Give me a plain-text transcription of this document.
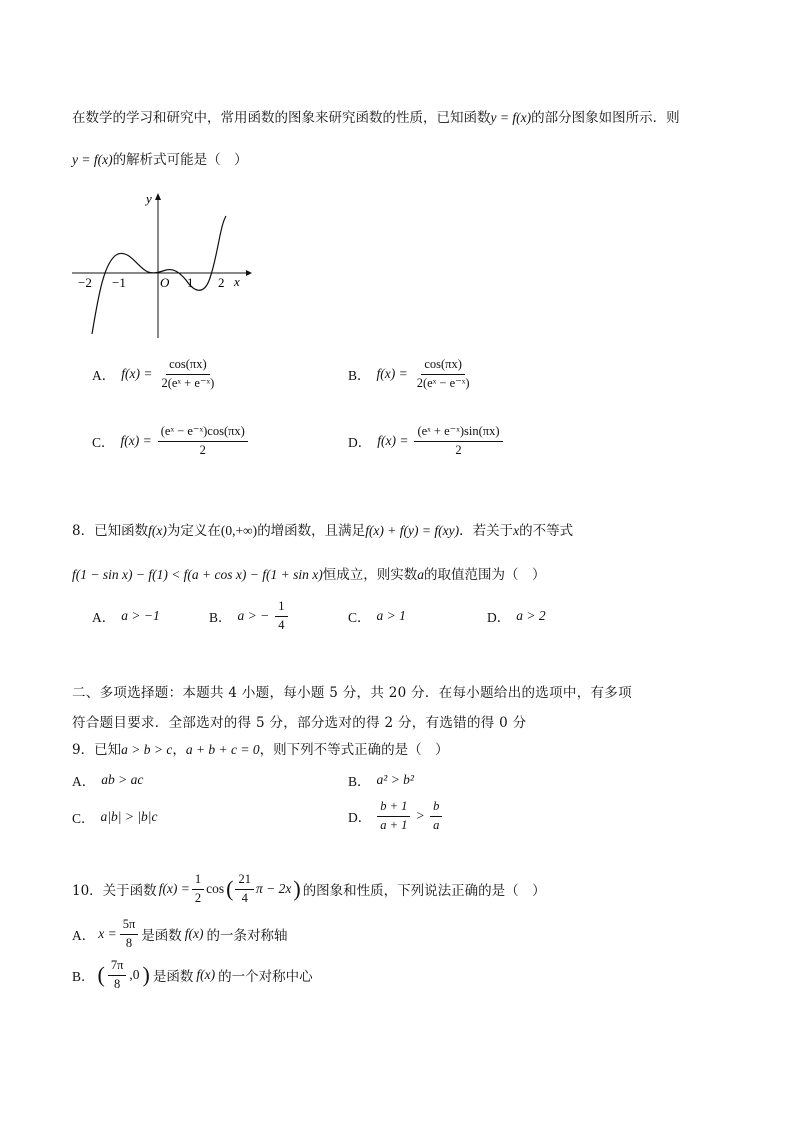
在数学的学习和研究中，常用函数的图象来研究函数的性质，已知函数y = f(x)的部分图象如图所示．则
y = f(x)的解析式可能是（　）
y
x
O
−2 −1	1 2
A． $f(x) = \frac{\cos(\pi x)}{\text{2(eˣ + e⁻ˣ)}}$	B． $f(x) = \frac{\cos(\pi x)}{\text{2(eˣ − e⁻ˣ)}}$
C． $f(x) = \frac{\text{(eˣ − e⁻ˣ)cos(πx)}}{2}$	D． $f(x) = \frac{\text{(eˣ + e⁻ˣ)sin(πx)}}{2}$
8．已知函数f(x)为定义在(0,+∞)的增函数，且满足f(x) + f(y) = f(xy)．若关于x的不等式
f(1 − sin x) − f(1) < f(a + cos x) − f(1 + sin x)恒成立，则实数a的取值范围为（　）
A． a > −1	B． a > − $\frac{1}{4}$	C． a > 1	D． a > 2
二、多项选择题：本题共 4 小题，每小题 5 分，共 20 分．在每小题给出的选项中，有多项
符合题目要求．全部选对的得 5 分，部分选对的得 2 分，有选错的得 0 分
9．已知a > b > c，a + b + c = 0，则下列不等式正确的是（　）
A． ab > ac	B． a² > b²
C． a|b| > |b|c	D． $\frac{b + 1}{a + 1} > \frac{b}{a}$
10．关于函数 $f(x) = \frac{1}{2}$ cos ( $\frac{21}{4}$ π − 2x ) 的图象和性质，下列说法正确的是（　）
A． $x = \frac{5\pi}{8}$ 是函数 f(x) 的一条对称轴
B． ( $\frac{7\pi}{8} ,0$ ) 是函数 f(x) 的一个对称中心
